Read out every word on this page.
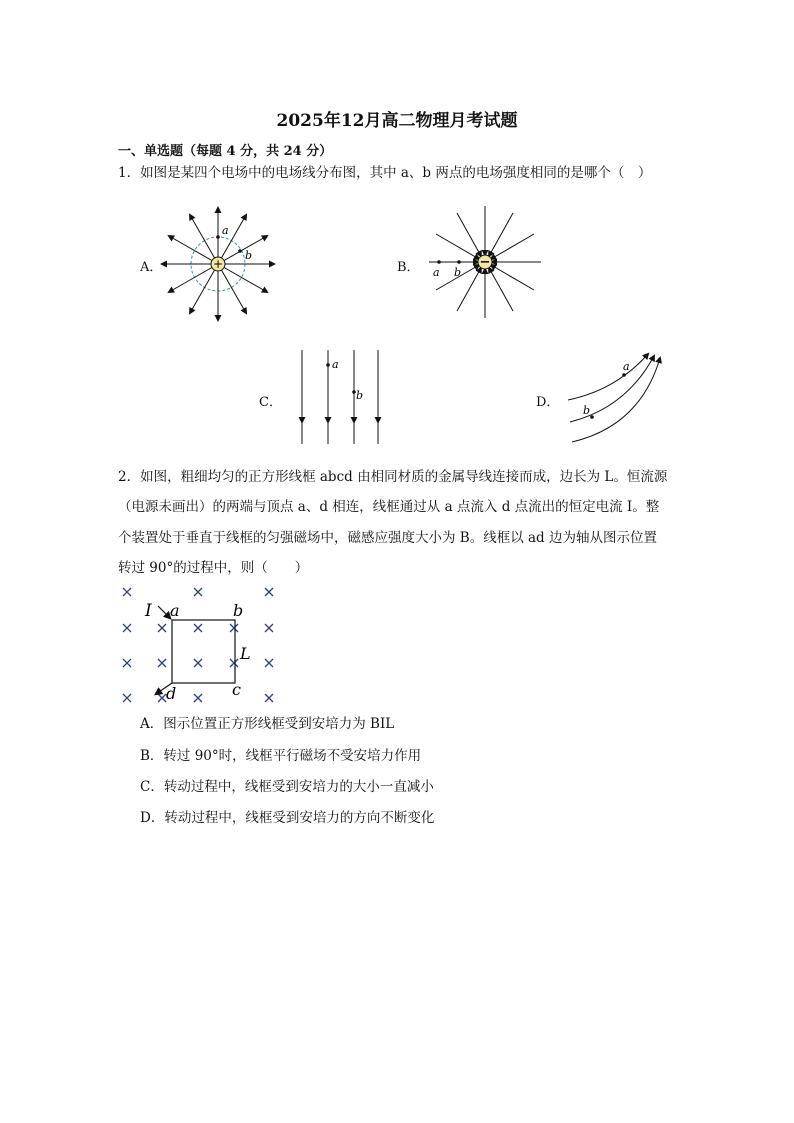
2025年12月高二物理月考试题
一、单选题（每题 4 分，共 24 分）
1．如图是某四个电场中的电场线分布图，其中 a、b 两点的电场强度相同的是哪个（　）
A．
a
b
+	B． a b
−
C．
a
b	D．
a
b
2．如图，粗细均匀的正方形线框 abcd 由相同材质的金属导线连接而成，边长为 L。恒流源
（电源未画出）的两端与顶点 a、d 相连，线框通过从 a 点流入 d 点流出的恒定电流 I。整
个装置处于垂直于线框的匀强磁场中，磁感应强度大小为 B。线框以 ad 边为轴从图示位置
转过 90°的过程中，则（　　）
I a	b
c
d
L
A．图示位置正方形线框受到安培力为 BIL
B．转过 90°时，线框平行磁场不受安培力作用
C．转动过程中，线框受到安培力的大小一直减小
D．转动过程中，线框受到安培力的方向不断变化
